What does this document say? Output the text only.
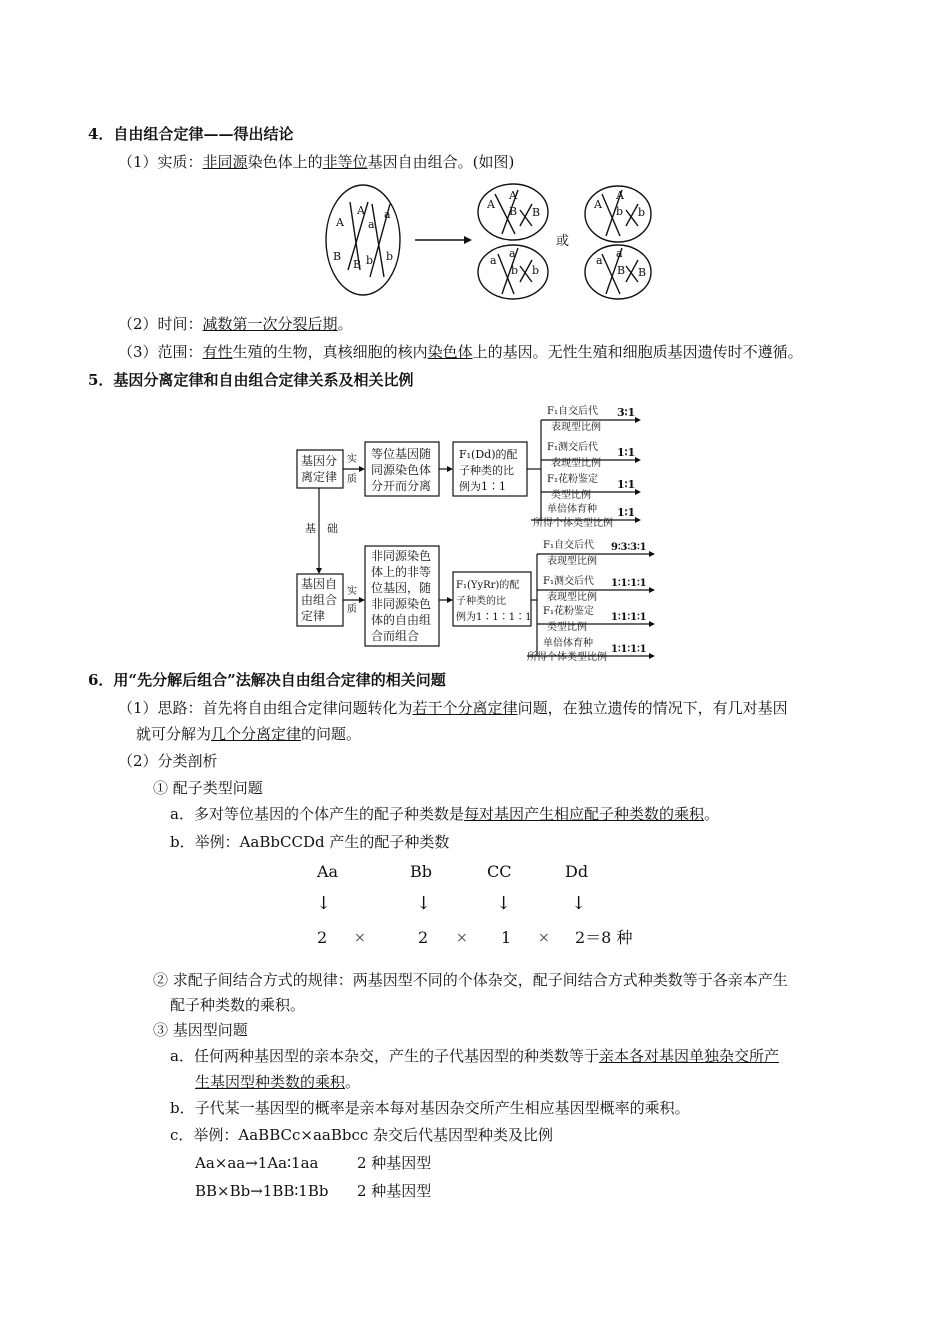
4．自由组合定律——得出结论
（1）实质：非同源染色体上的非等位基因自由组合。(如图)
A
A
a
a
B
B b b
A
A
B B
A
A
b b
a
a
b b
a
a
B B
或
（2）时间：减数第一次分裂后期。
（3）范围：有性生殖的生物，真核细胞的核内染色体上的基因。无性生殖和细胞质基因遗传时不遵循。
5．基因分离定律和自由组合定律关系及相关比例
基因分
离定律
实
质
等位基因随
同源染色体
分开而分离
F₁(Dd)的配
子种类的比
例为1∶1
F₁自交后代
表现型比例
F₁测交后代
表现型比例
F₁花粉鉴定
类型比例
单倍体育种
所得个体类型比例
3∶1
1∶1
1∶1
1∶1
基 础
基因自
由组合
定律
实
质
非同源染色
体上的非等
位基因，随
非同源染色
体的自由组
合而组合
F₁(YyRr)的配
子种类的比
例为1∶1∶1∶1
F₁自交后代
表现型比例
F₁测交后代
表现型比例
F₁花粉鉴定
类型比例
单倍体育种
所得个体类型比例
9∶3∶3∶1
1∶1∶1∶1
1∶1∶1∶1
1∶1∶1∶1
6．用“先分解后组合”法解决自由组合定律的相关问题
（1）思路：首先将自由组合定律问题转化为若干个分离定律问题，在独立遗传的情况下，有几对基因
就可分解为几个分离定律的问题。
（2）分类剖析
① 配子类型问题
a．多对等位基因的个体产生的配子种类数是每对基因产生相应配子种类数的乘积。
b．举例：AaBbCCDd 产生的配子种类数
Aa	Bb	CC	Dd
↓	↓	↓	↓
2 ×	2 × 1 × 2＝8 种
② 求配子间结合方式的规律：两基因型不同的个体杂交，配子间结合方式种类数等于各亲本产生
配子种类数的乘积。
③ 基因型问题
a．任何两种基因型的亲本杂交，产生的子代基因型的种类数等于亲本各对基因单独杂交所产
生基因型种类数的乘积。
b．子代某一基因型的概率是亲本每对基因杂交所产生相应基因型概率的乘积。
c．举例：AaBBCc×aaBbcc 杂交后代基因型种类及比例
Aa×aa→1Aa∶1aa	2 种基因型
BB×Bb→1BB∶1Bb 2 种基因型
